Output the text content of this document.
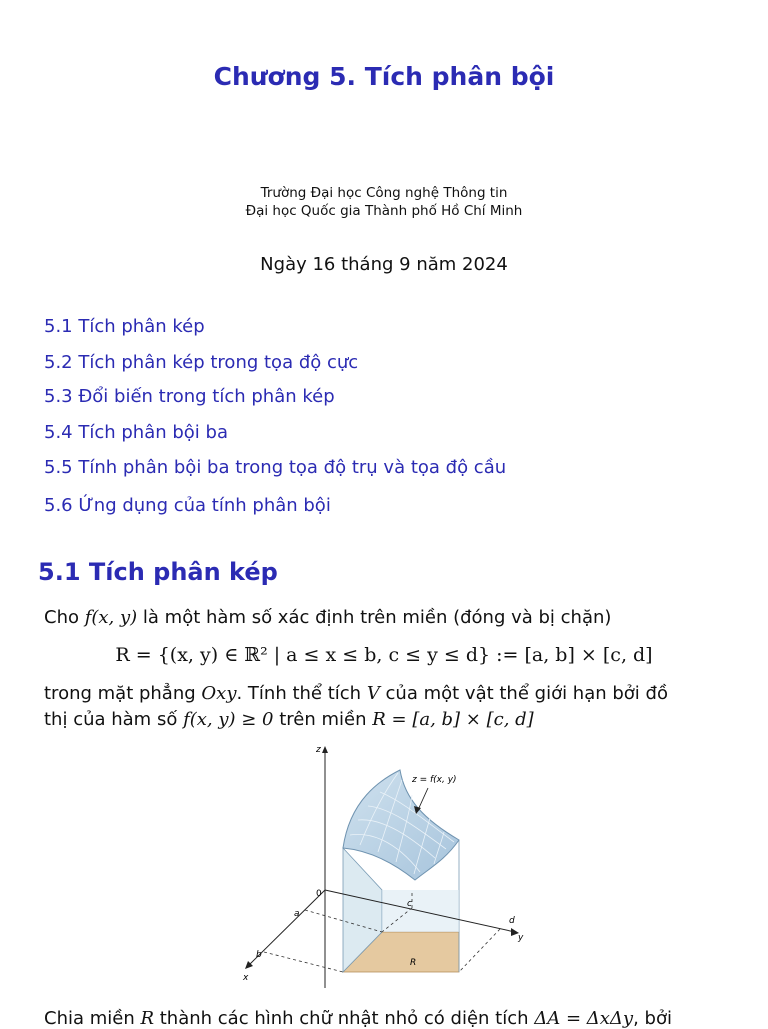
Chương 5. Tích phân bội
Trường Đại học Công nghệ Thông tin
Đại học Quốc gia Thành phố Hồ Chí Minh
Ngày 16 tháng 9 năm 2024
5.1 Tích phân kép
5.2 Tích phân kép trong tọa độ cực
5.3 Đổi biến trong tích phân kép
5.4 Tích phân bội ba
5.5 Tính phân bội ba trong tọa độ trụ và tọa độ cầu
5.6 Ứng dụng của tính phân bội
5.1 Tích phân kép
Cho f(x, y) là một hàm số xác định trên miền (đóng và bị chặn)
R = {(x, y) ∈ ℝ² | a ≤ x ≤ b, c ≤ y ≤ d} := [a, b] × [c, d]
trong mặt phẳng Oxy. Tính thể tích V của một vật thể giới hạn bởi đồ
thị của hàm số f(x, y) ≥ 0 trên miền R = [a, b] × [c, d]
z
0
a
b
c
d
y
x
R
z = f(x, y)
Chia miền R thành các hình chữ nhật nhỏ có diện tích ΔA = ΔxΔy, bởi
